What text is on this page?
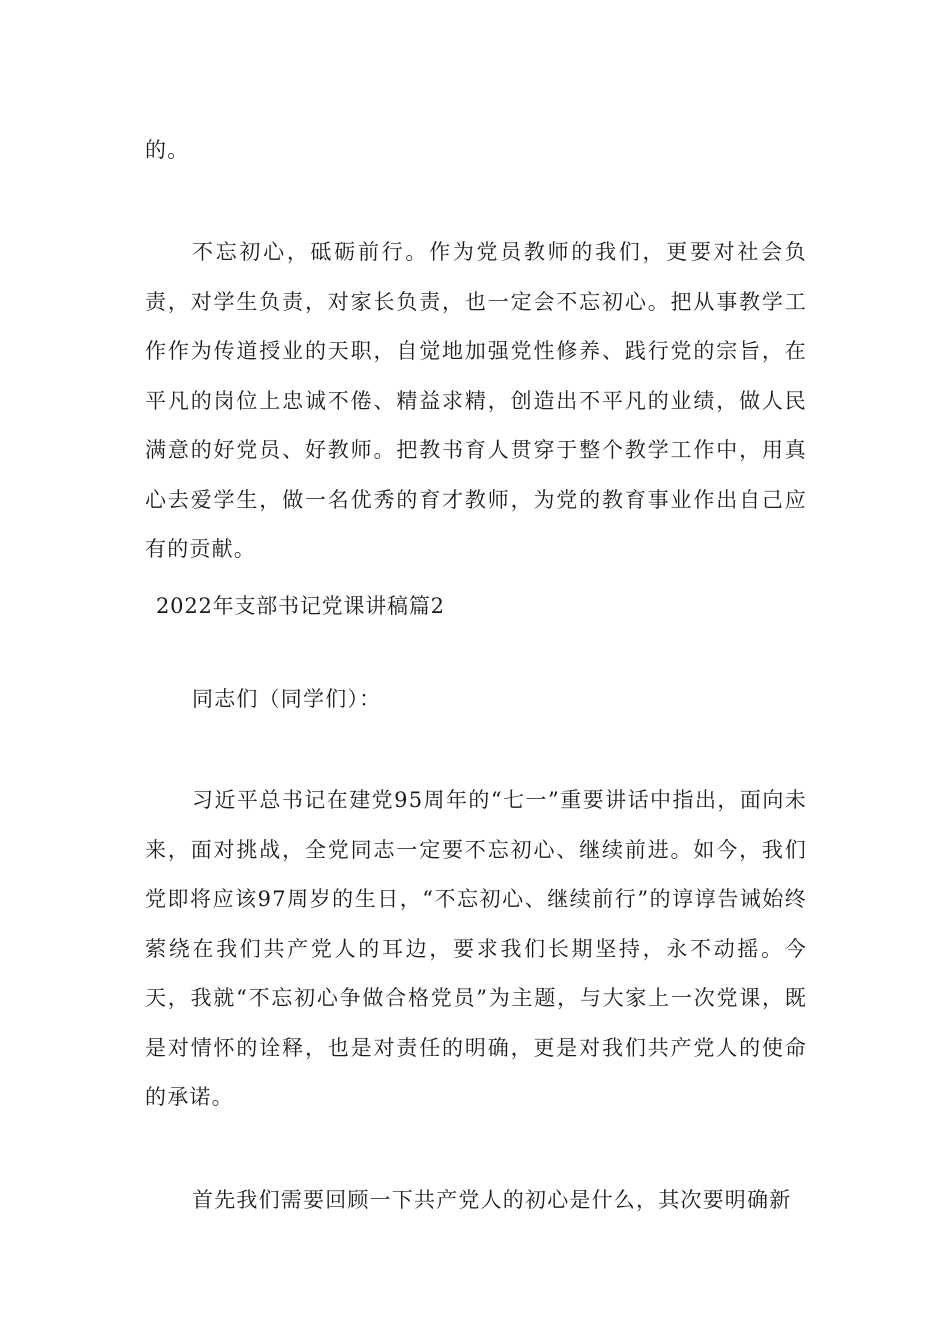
的。

不忘初心，砥砺前行。作为党员教师的我们，更要对社会负责，对学生负责，对家长负责，也一定会不忘初心。把从事教学工作作为传道授业的天职，自觉地加强党性修养、践行党的宗旨，在平凡的岗位上忠诚不倦、精益求精，创造出不平凡的业绩，做人民满意的好党员、好教师。把教书育人贯穿于整个教学工作中，用真心去爱学生，做一名优秀的育才教师，为党的教育事业作出自己应有的贡献。

2022年支部书记党课讲稿篇2

同志们（同学们）：

习近平总书记在建党95周年的“七一”重要讲话中指出，面向未来，面对挑战，全党同志一定要不忘初心、继续前进。如今，我们党即将应该97周岁的生日，“不忘初心、继续前行”的谆谆告诫始终萦绕在我们共产党人的耳边，要求我们长期坚持，永不动摇。今天，我就“不忘初心争做合格党员”为主题，与大家上一次党课，既是对情怀的诠释，也是对责任的明确，更是对我们共产党人的使命的承诺。

首先我们需要回顾一下共产党人的初心是什么，其次要明确新
